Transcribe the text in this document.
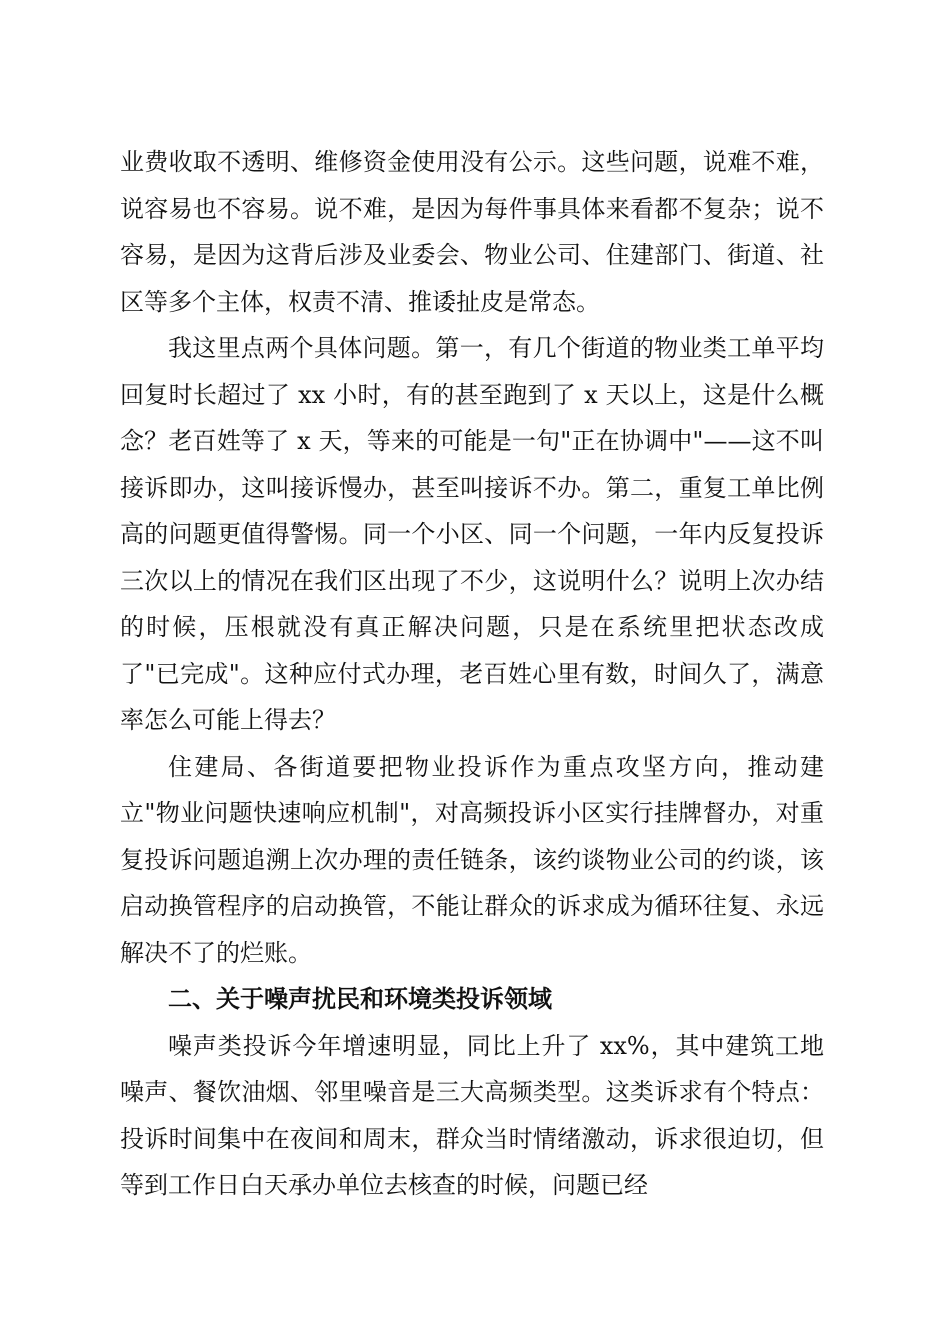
业费收取不透明、维修资金使用没有公示。这些问题，说难不难，说容易也不容易。说不难，是因为每件事具体来看都不复杂；说不容易，是因为这背后涉及业委会、物业公司、住建部门、街道、社区等多个主体，权责不清、推诿扯皮是常态。

我这里点两个具体问题。第一，有几个街道的物业类工单平均回复时长超过了 xx 小时，有的甚至跑到了 x 天以上，这是什么概念？老百姓等了 x 天，等来的可能是一句"正在协调中"——这不叫接诉即办，这叫接诉慢办，甚至叫接诉不办。第二，重复工单比例高的问题更值得警惕。同一个小区、同一个问题，一年内反复投诉三次以上的情况在我们区出现了不少，这说明什么？说明上次办结的时候，压根就没有真正解决问题，只是在系统里把状态改成了"已完成"。这种应付式办理，老百姓心里有数，时间久了，满意率怎么可能上得去？

住建局、各街道要把物业投诉作为重点攻坚方向，推动建立"物业问题快速响应机制"，对高频投诉小区实行挂牌督办，对重复投诉问题追溯上次办理的责任链条，该约谈物业公司的约谈，该启动换管程序的启动换管，不能让群众的诉求成为循环往复、永远解决不了的烂账。

二、关于噪声扰民和环境类投诉领域

噪声类投诉今年增速明显，同比上升了 xx%，其中建筑工地噪声、餐饮油烟、邻里噪音是三大高频类型。这类诉求有个特点：投诉时间集中在夜间和周末，群众当时情绪激动，诉求很迫切，但等到工作日白天承办单位去核查的时候，问题已经
